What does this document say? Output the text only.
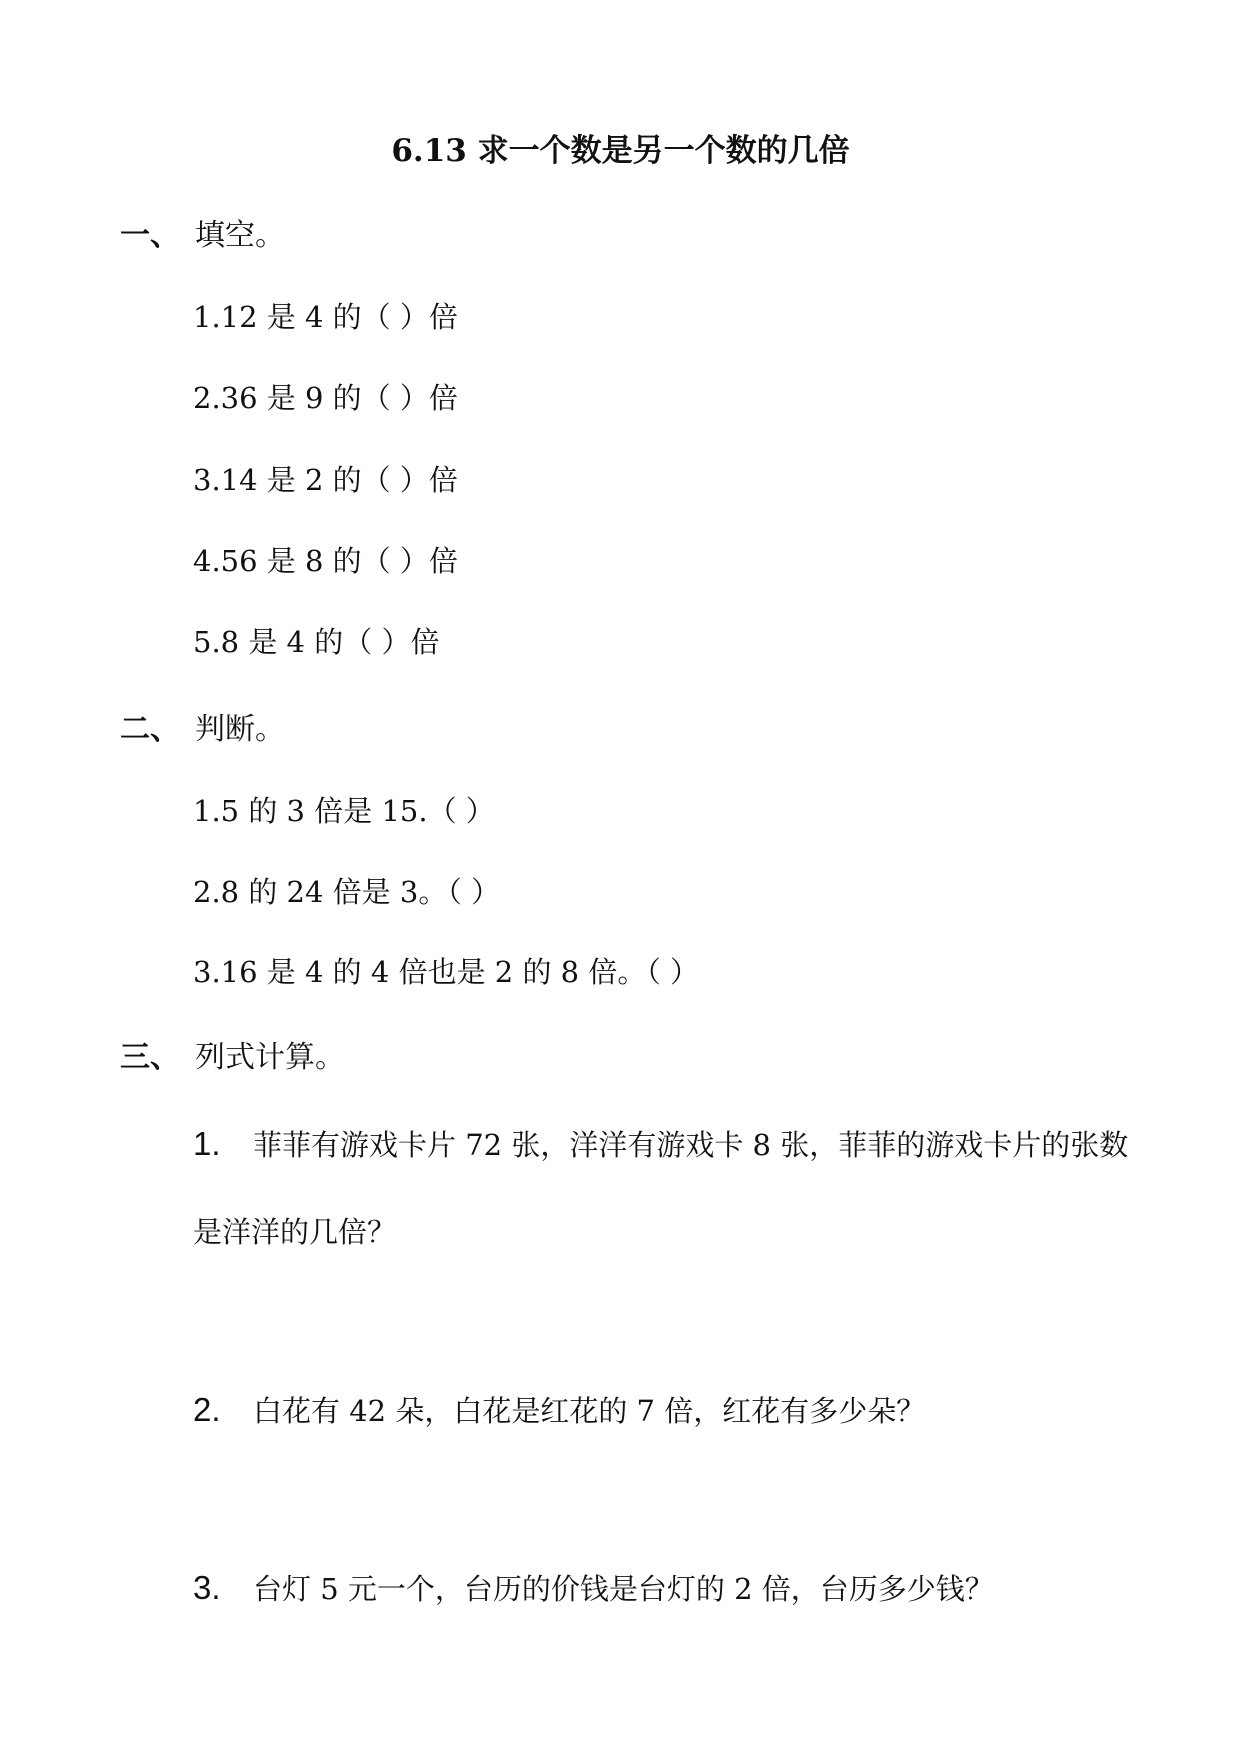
6.13 求一个数是另一个数的几倍
一、 填空。
1.12 是 4 的（ ）倍
2.36 是 9 的（ ）倍
3.14 是 2 的（ ）倍
4.56 是 8 的（ ）倍
5.8 是 4 的（ ）倍
二、 判断。
1.5 的 3 倍是 15.（ ）
2.8 的 24 倍是 3。（ ）
3.16 是 4 的 4 倍也是 2 的 8 倍。（ ）
三、 列式计算。
1. 菲菲有游戏卡片 72 张，洋洋有游戏卡 8 张，菲菲的游戏卡片的张数
是洋洋的几倍？
2. 白花有 42 朵，白花是红花的 7 倍，红花有多少朵？
3. 台灯 5 元一个，台历的价钱是台灯的 2 倍，台历多少钱？
